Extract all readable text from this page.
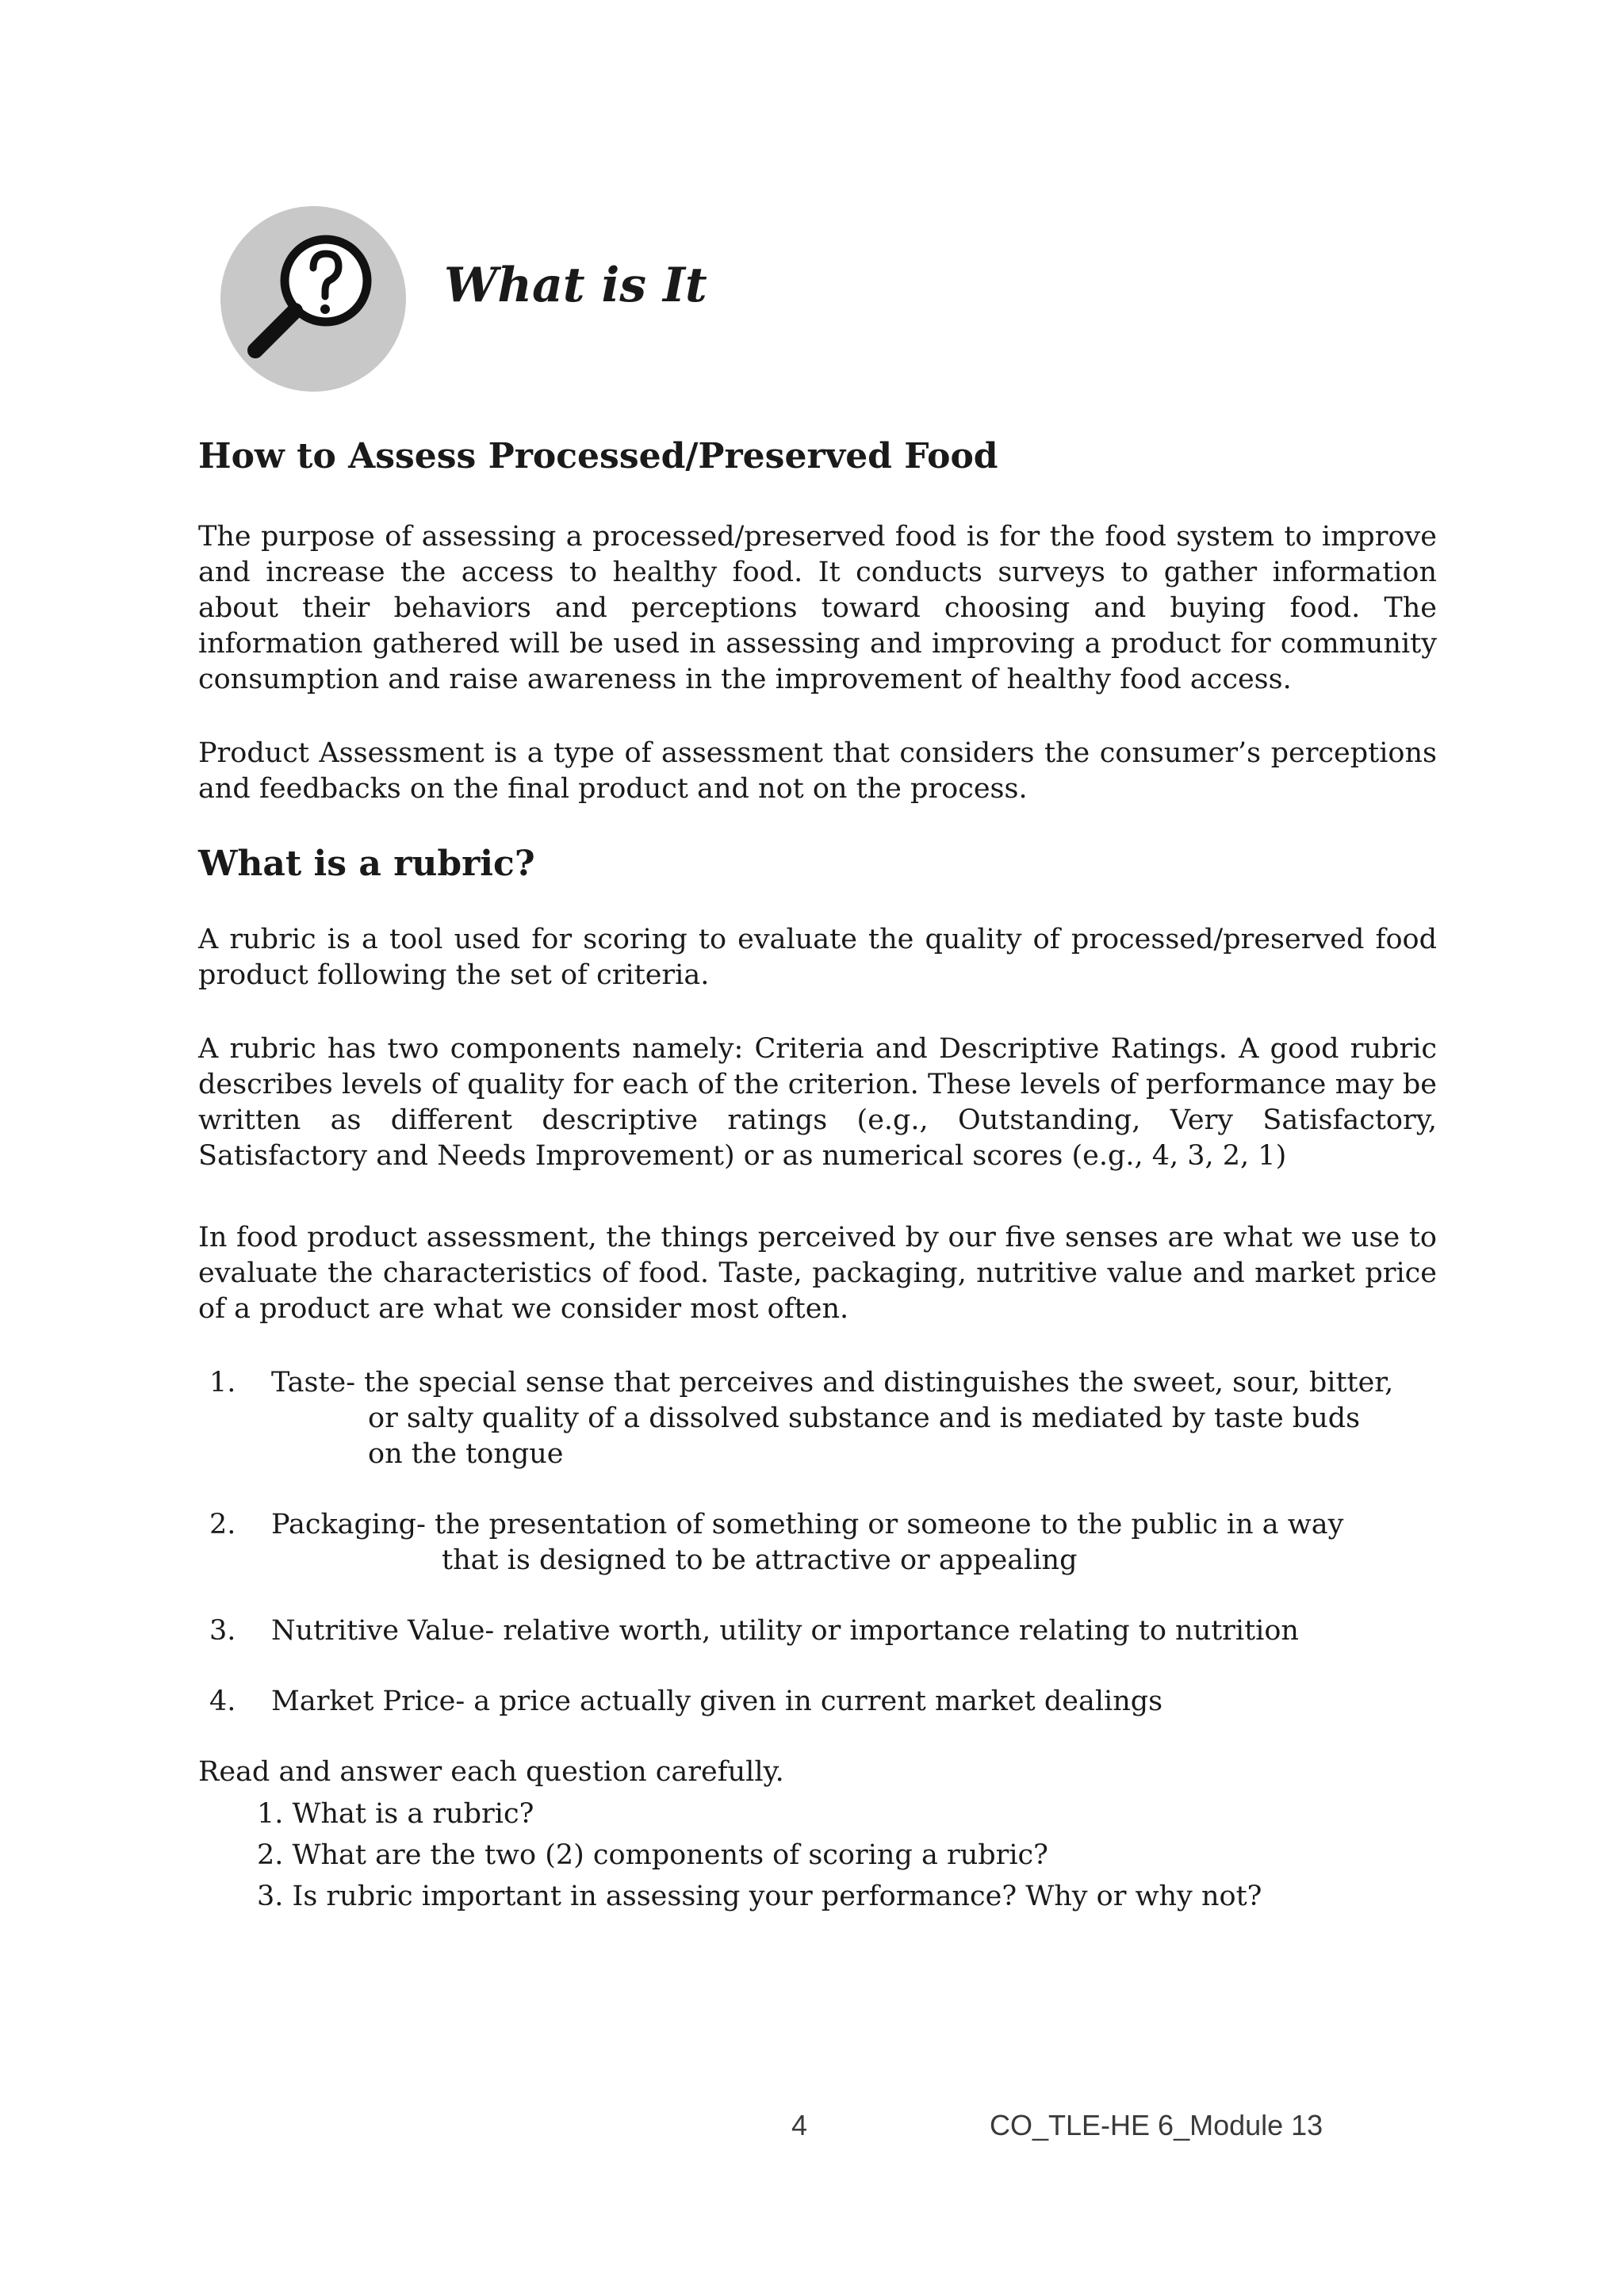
What is It
How to Assess Processed/Preserved Food

The purpose of assessing a processed/preserved food is for the food system to improve and increase the access to healthy food. It conducts surveys to gather information about their behaviors and perceptions toward choosing and buying food. The information gathered will be used in assessing and improving a product for community consumption and raise awareness in the improvement of healthy food access.

Product Assessment is a type of assessment that considers the consumer’s perceptions and feedbacks on the final product and not on the process.

What is a rubric?

A rubric is a tool used for scoring to evaluate the quality of processed/preserved food product following the set of criteria.

A rubric has two components namely: Criteria and Descriptive Ratings. A good rubric describes levels of quality for each of the criterion. These levels of performance may be written as different descriptive ratings (e.g., Outstanding, Very Satisfactory, Satisfactory and Needs Improvement) or as numerical scores (e.g., 4, 3, 2, 1)

In food product assessment, the things perceived by our five senses are what we use to evaluate the characteristics of food. Taste, packaging, nutritive value and market price of a product are what we consider most often.

1. Taste- the special sense that perceives and distinguishes the sweet, sour, bitter,
or salty quality of a dissolved substance and is mediated by taste buds
on the tongue
2. Packaging- the presentation of something or someone to the public in a way
that is designed to be attractive or appealing
3. Nutritive Value- relative worth, utility or importance relating to nutrition
4. Market Price- a price actually given in current market dealings

Read and answer each question carefully.

1. What is a rubric?
2. What are the two (2) components of scoring a rubric?
3. Is rubric important in assessing your performance? Why or why not?
4	CO_TLE-HE 6_Module 13
